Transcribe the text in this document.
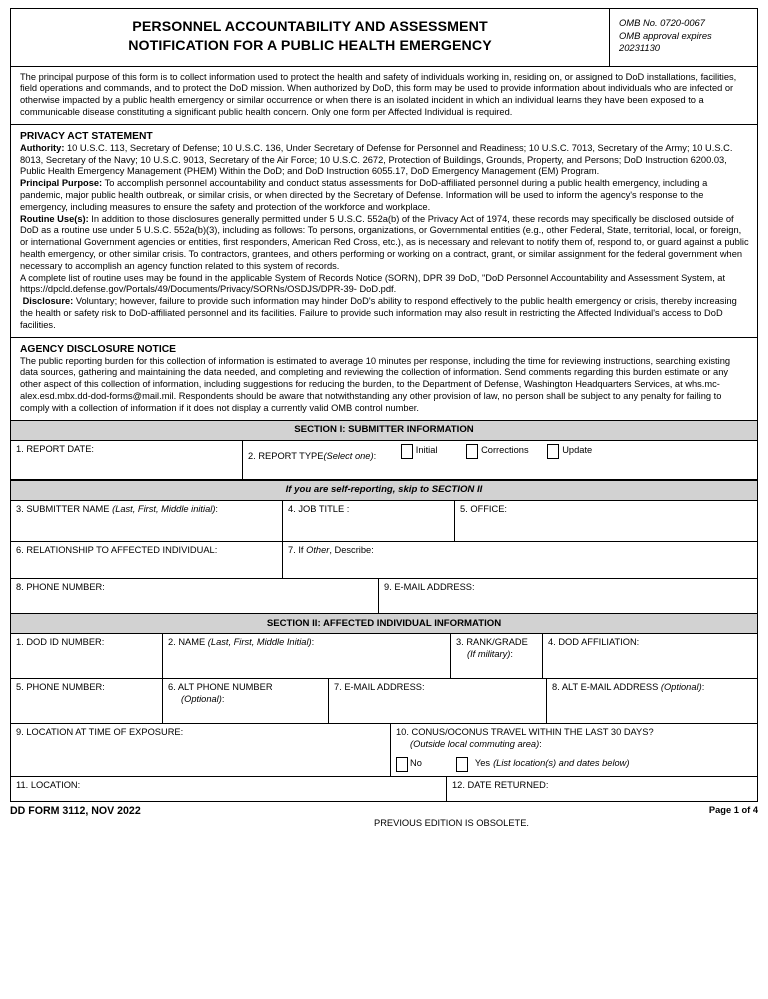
PERSONNEL ACCOUNTABILITY AND ASSESSMENT
NOTIFICATION FOR A PUBLIC HEALTH EMERGENCY
OMB No. 0720-0067
OMB approval expires
20231130

The principal purpose of this form is to collect information used to protect the health and safety of individuals working in, residing on, or assigned to DoD installations, facilities, field operations and commands, and to protect the DoD mission. When authorized by DoD, this form may be used to provide information about individuals who are infected or otherwise impacted by a public health emergency or similar occurrence or when there is an isolated incident in which an individual learns they have been exposed to a communicable disease constituting a significant public health concern. Only one form per Affected Individual is required.

PRIVACY ACT STATEMENT

Authority: 10 U.S.C. 113, Secretary of Defense; 10 U.S.C. 136, Under Secretary of Defense for Personnel and Readiness; 10 U.S.C. 7013, Secretary of the Army; 10 U.S.C. 8013, Secretary of the Navy; 10 U.S.C. 9013, Secretary of the Air Force; 10 U.S.C. 2672, Protection of Buildings, Grounds, Property, and Persons; DoD Instruction 6200.03, Public Health Emergency Management (PHEM) Within the DoD; and DoD Instruction 6055.17, DoD Emergency Management (EM) Program.

Principal Purpose: To accomplish personnel accountability and conduct status assessments for DoD-affiliated personnel during a public health emergency, including a pandemic, major public health outbreak, or similar crisis, or when directed by the Secretary of Defense. Information will be used to inform the agency's response to the emergency, including measures to ensure the safety and protection of the workforce and workplace.

Routine Use(s): In addition to those disclosures generally permitted under 5 U.S.C. 552a(b) of the Privacy Act of 1974, these records may specifically be disclosed outside of DoD as a routine use under 5 U.S.C. 552a(b)(3), including as follows: To persons, organizations, or Governmental entities (e.g., other Federal, State, territorial, local, or foreign, or international Government agencies or entities, first responders, American Red Cross, etc.), as is necessary and relevant to notify them of, respond to, or guard against a public health emergency, or other similar crisis. To contractors, grantees, and others performing or working on a contract, grant, or similar assignment for the federal government when necessary to accomplish an agency function related to this system of records.

A complete list of routine uses may be found in the applicable System of Records Notice (SORN), DPR 39 DoD, "DoD Personnel Accountability and Assessment System, at https://dpcld.defense.gov/Portals/49/Documents/Privacy/SORNs/OSDJS/DPR-39- DoD.pdf.

Disclosure: Voluntary; however, failure to provide such information may hinder DoD's ability to respond effectively to the public health emergency or crisis, thereby increasing the health or safety risk to DoD-affiliated personnel and its facilities. Failure to provide such information may also result in restricting the Affected Individual's access to DoD facilities.

AGENCY DISCLOSURE NOTICE

The public reporting burden for this collection of information is estimated to average 10 minutes per response, including the time for reviewing instructions, searching existing data sources, gathering and maintaining the data needed, and completing and reviewing the collection of information. Send comments regarding this burden estimate or any other aspect of this collection of information, including suggestions for reducing the burden, to the Department of Defense, Washington Headquarters Services, at whs.mc-alex.esd.mbx.dd-dod-forms@mail.mil. Respondents should be aware that notwithstanding any other provision of law, no person shall be subject to any penalty for failing to comply with a collection of information if it does not display a currently valid OMB control number.

SECTION I: SUBMITTER INFORMATION
1. REPORT DATE:
2. REPORT TYPE(Select one):
Initial
	Corrections
	Update
If you are self-reporting, skip to SECTION II
3. SUBMITTER NAME (Last, First, Middle initial):	4. JOB TITLE :	5. OFFICE:
6. RELATIONSHIP TO AFFECTED INDIVIDUAL:	7. If Other, Describe:
8. PHONE NUMBER:	9. E-MAIL ADDRESS:
SECTION II: AFFECTED INDIVIDUAL INFORMATION
1. DOD ID NUMBER:	2. NAME (Last, First, Middle Initial):	3. RANK/GRADE
(If military):
4. DOD AFFILIATION:
5. PHONE NUMBER:	6. ALT PHONE NUMBER
(Optional):
7. E-MAIL ADDRESS:	8. ALT E-MAIL ADDRESS (Optional):
9. LOCATION AT TIME OF EXPOSURE:	10. CONUS/OCONUS TRAVEL WITHIN THE LAST 30 DAYS?
(Outside local commuting area):
No	Yes (List location(s) and dates below)
11. LOCATION:	12. DATE RETURNED:
DD FORM 3112, NOV 2022
PREVIOUS EDITION IS OBSOLETE.
Page 1 of 4
